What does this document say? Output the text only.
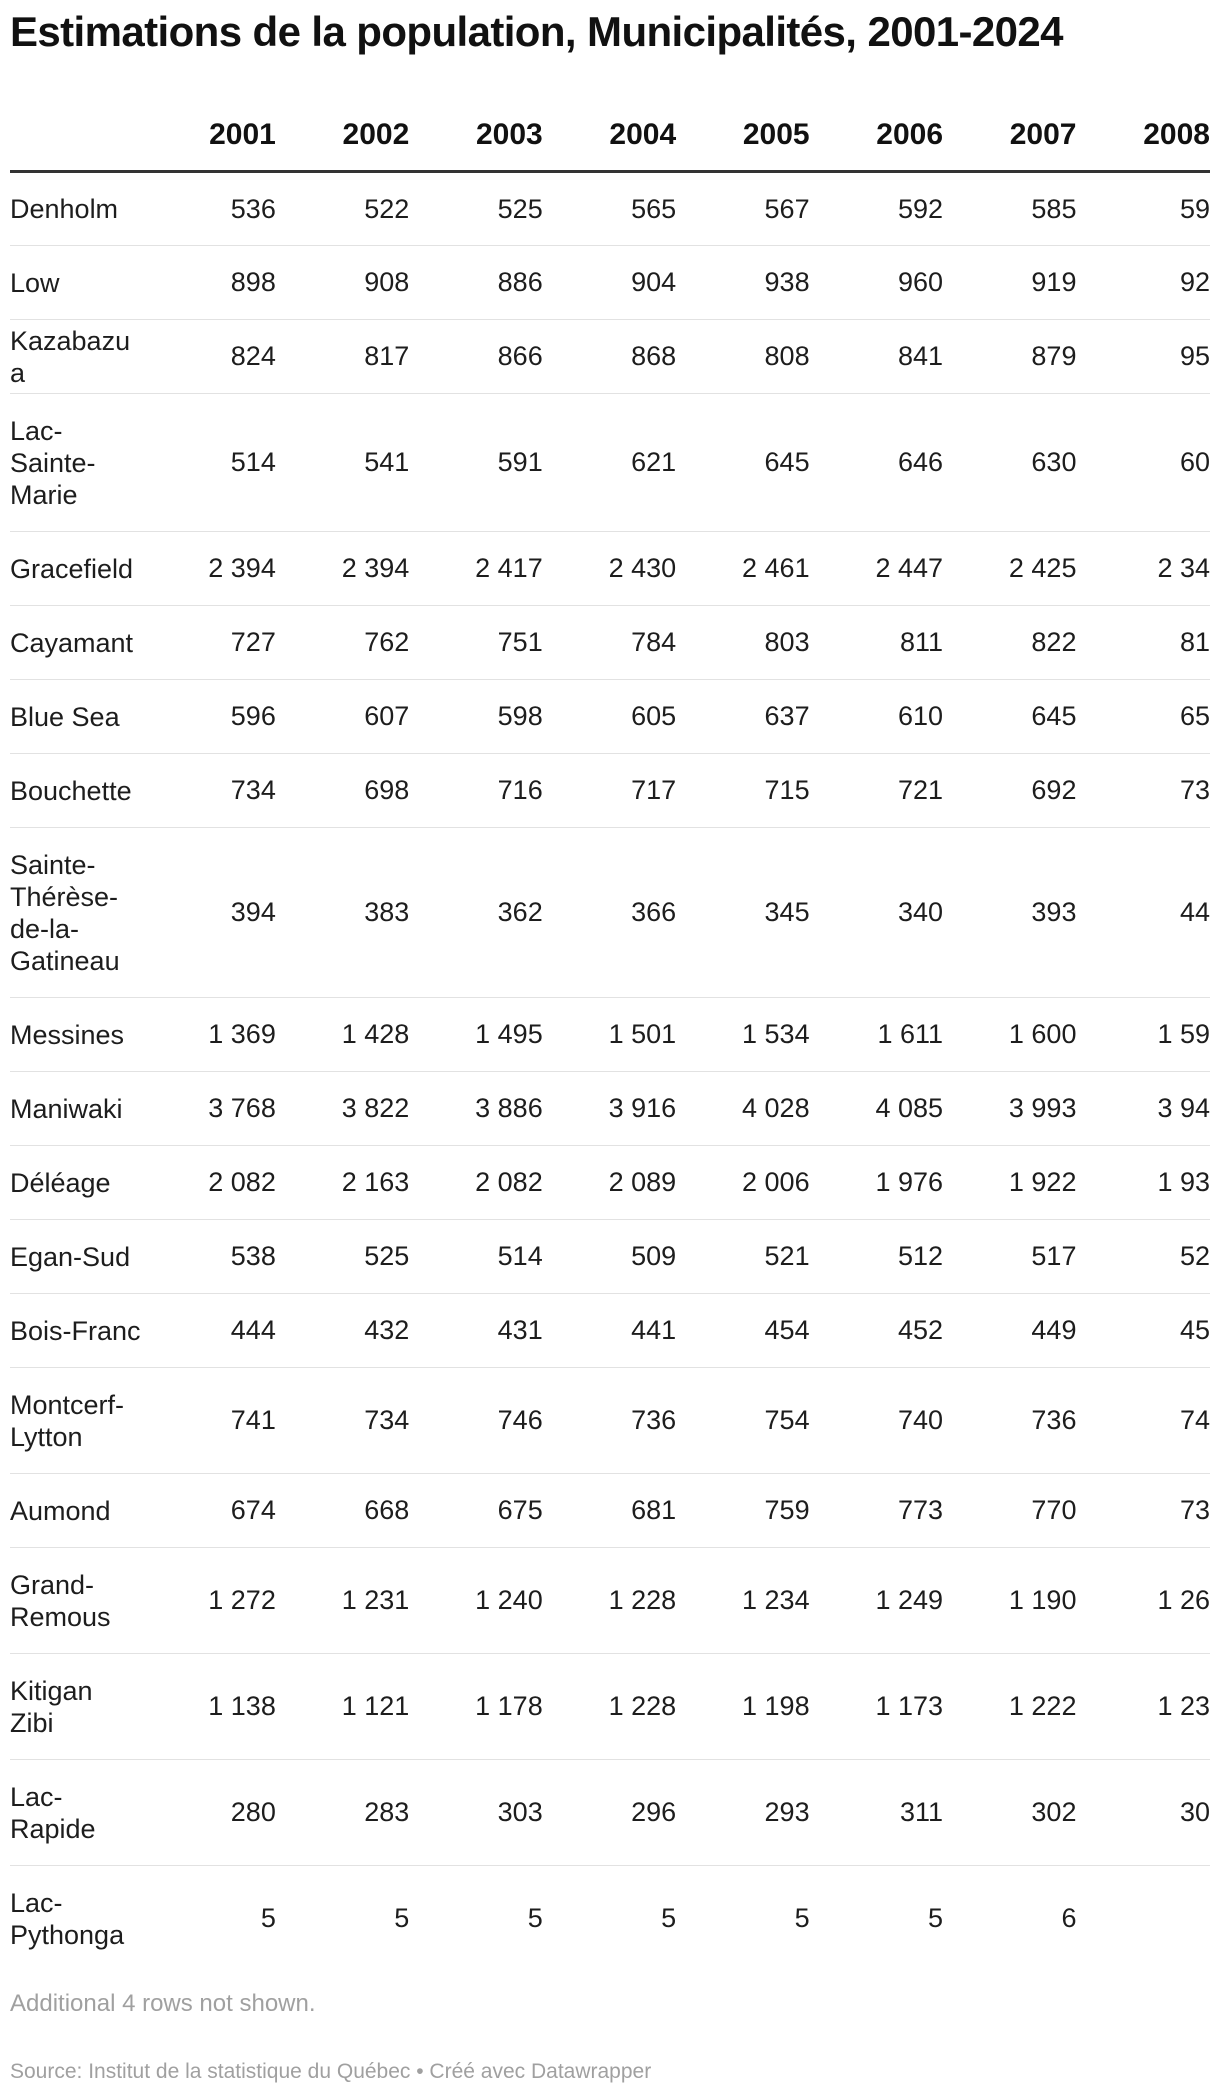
Estimations de la population, Municipalités, 2001-2024
	2001	2002	2003	2004	2005	2006	2007	2008
Denholm	536	522	525	565	567	592	585	59
Low	898	908	886	904	938	960	919	92
Kazabazua	824	817	866	868	808	841	879	95
Lac-Sainte-Marie	514	541	591	621	645	646	630	60
Gracefield	2 394	2 394	2 417	2 430	2 461	2 447	2 425	2 34
Cayamant	727	762	751	784	803	811	822	81
Blue Sea	596	607	598	605	637	610	645	65
Bouchette	734	698	716	717	715	721	692	73
Sainte-Thérèse-de-la-Gatineau	394	383	362	366	345	340	393	44
Messines	1 369	1 428	1 495	1 501	1 534	1 611	1 600	1 59
Maniwaki	3 768	3 822	3 886	3 916	4 028	4 085	3 993	3 94
Déléage	2 082	2 163	2 082	2 089	2 006	1 976	1 922	1 93
Egan-Sud	538	525	514	509	521	512	517	52
Bois-Franc	444	432	431	441	454	452	449	45
Montcerf-Lytton	741	734	746	736	754	740	736	74
Aumond	674	668	675	681	759	773	770	73
Grand-Remous	1 272	1 231	1 240	1 228	1 234	1 249	1 190	1 26
Kitigan Zibi	1 138	1 121	1 178	1 228	1 198	1 173	1 222	1 23
Lac-Rapide	280	283	303	296	293	311	302	30
Lac-Pythonga	5	5	5	5	5	5	6	
Additional 4 rows not shown.
Source: Institut de la statistique du Québec • Créé avec Datawrapper
